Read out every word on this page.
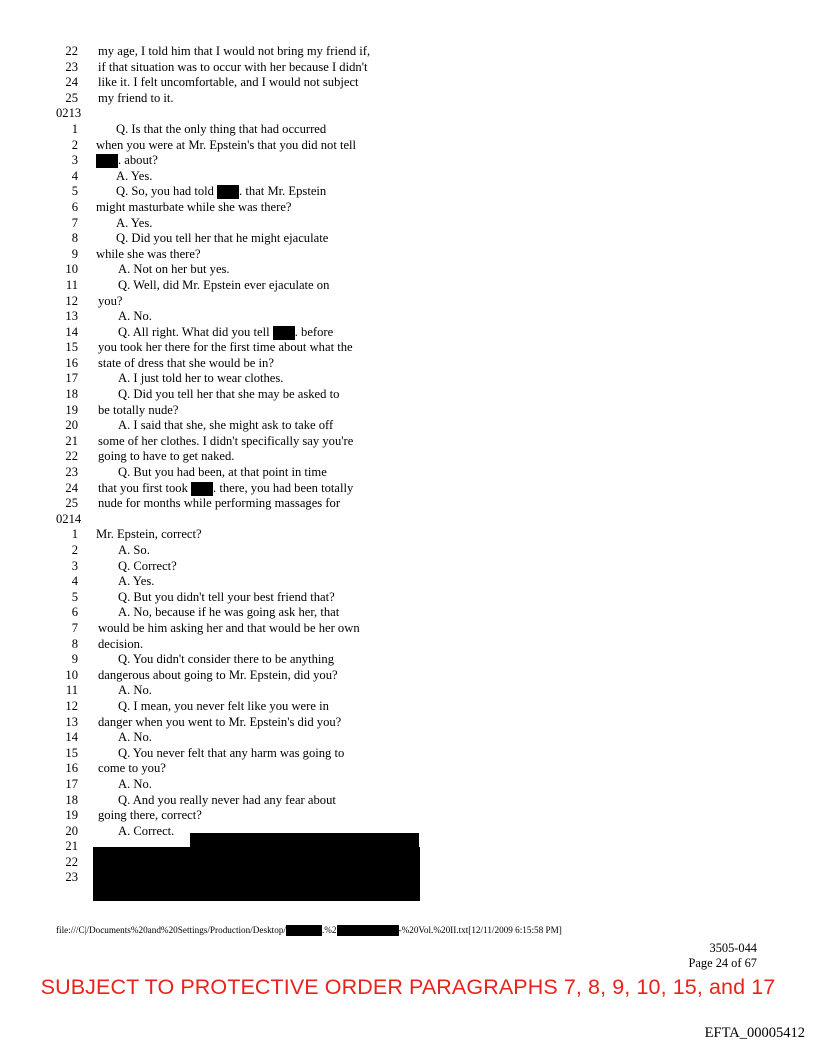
22 my age, I told him that I would not bring my friend if,
23 if that situation was to occur with her because I didn't
24 like it. I felt uncomfortable, and I would not subject
25 my friend to it.
0213
1	Q. Is that the only thing that had occurred
2 when you were at Mr. Epstein's that you did not tell
3	. about?
4	A. Yes.
5	Q. So, you had told . that Mr. Epstein
6 might masturbate while she was there?
7	A. Yes.
8	Q. Did you tell her that he might ejaculate
9 while she was there?
10	A. Not on her but yes.
11	Q. Well, did Mr. Epstein ever ejaculate on
12 you?
13	A. No.
14	Q. All right. What did you tell . before
15 you took her there for the first time about what the
16 state of dress that she would be in?
17	A. I just told her to wear clothes.
18	Q. Did you tell her that she may be asked to
19 be totally nude?
20	A. I said that she, she might ask to take off
21 some of her clothes. I didn't specifically say you're
22 going to have to get naked.
23	Q. But you had been, at that point in time
24 that you first took . there, you had been totally
25 nude for months while performing massages for
0214
1 Mr. Epstein, correct?
2	A. So.
3	Q. Correct?
4	A. Yes.
5	Q. But you didn't tell your best friend that?
6	A. No, because if he was going ask her, that
7 would be him asking her and that would be her own
8 decision.
9	Q. You didn't consider there to be anything
10 dangerous about going to Mr. Epstein, did you?
11	A. No.
12	Q. I mean, you never felt like you were in
13 danger when you went to Mr. Epstein's did you?
14	A. No.
15	Q. You never felt that any harm was going to
16 come to you?
17	A. No.
18	Q. And you really never had any fear about
19 going there, correct?
20	A. Correct.
21
22
23
file:///C|/Documents%20and%20Settings/Production/Desktop/	.%2	-%20Vol.%20II.txt[12/11/2009 6:15:58 PM]
3505-044
Page 24 of 67
SUBJECT TO PROTECTIVE ORDER PARAGRAPHS 7, 8, 9, 10, 15, and 17
EFTA_00005412
